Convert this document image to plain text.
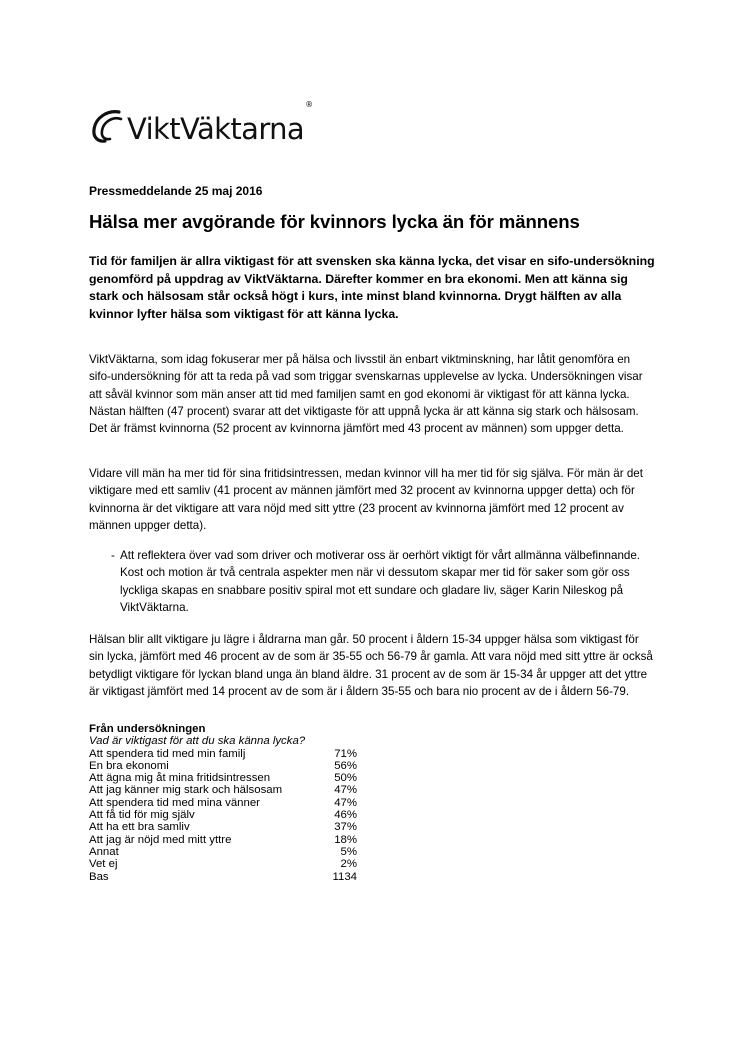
ViktVäktarna®
Pressmeddelande 25 maj 2016
Hälsa mer avgörande för kvinnors lycka än för männens
Tid för familjen är allra viktigast för att svensken ska känna lycka, det visar en sifo-undersökning genomförd på uppdrag av ViktVäktarna. Därefter kommer en bra ekonomi. Men att känna sig stark och hälsosam står också högt i kurs, inte minst bland kvinnorna. Drygt hälften av alla kvinnor lyfter hälsa som viktigast för att känna lycka.
ViktVäktarna, som idag fokuserar mer på hälsa och livsstil än enbart viktminskning, har låtit genomföra en sifo-undersökning för att ta reda på vad som triggar svenskarnas upplevelse av lycka. Undersökningen visar att såväl kvinnor som män anser att tid med familjen samt en god ekonomi är viktigast för att känna lycka. Nästan hälften (47 procent) svarar att det viktigaste för att uppnå lycka är att känna sig stark och hälsosam. Det är främst kvinnorna (52 procent av kvinnorna jämfört med 43 procent av männen) som uppger detta.
Vidare vill män ha mer tid för sina fritidsintressen, medan kvinnor vill ha mer tid för sig själva. För män är det viktigare med ett samliv (41 procent av männen jämfört med 32 procent av kvinnorna uppger detta) och för kvinnorna är det viktigare att vara nöjd med sitt yttre (23 procent av kvinnorna jämfört med 12 procent av männen uppger detta).
- Att reflektera över vad som driver och motiverar oss är oerhört viktigt för vårt allmänna välbefinnande. Kost och motion är två centrala aspekter men när vi dessutom skapar mer tid för saker som gör oss lyckliga skapas en snabbare positiv spiral mot ett sundare och gladare liv, säger Karin Nileskog på ViktVäktarna.
Hälsan blir allt viktigare ju lägre i åldrarna man går. 50 procent i åldern 15-34 uppger hälsa som viktigast för sin lycka, jämfört med 46 procent av de som är 35-55 och 56-79 år gamla. Att vara nöjd med sitt yttre är också betydligt viktigare för lyckan bland unga än bland äldre. 31 procent av de som är 15-34 år uppger att det yttre är viktigast jämfört med 14 procent av de som är i åldern 35-55 och bara nio procent av de i åldern 56-79.
Från undersökningen
Vad är viktigast för att du ska känna lycka?
Att spendera tid med min familj	71%
En bra ekonomi	56%
Att ägna mig åt mina fritidsintressen	50%
Att jag känner mig stark och hälsosam	47%
Att spendera tid med mina vänner	47%
Att få tid för mig själv	46%
Att ha ett bra samliv	37%
Att jag är nöjd med mitt yttre	18%
Annat	5%
Vet ej	2%
Bas	1134
